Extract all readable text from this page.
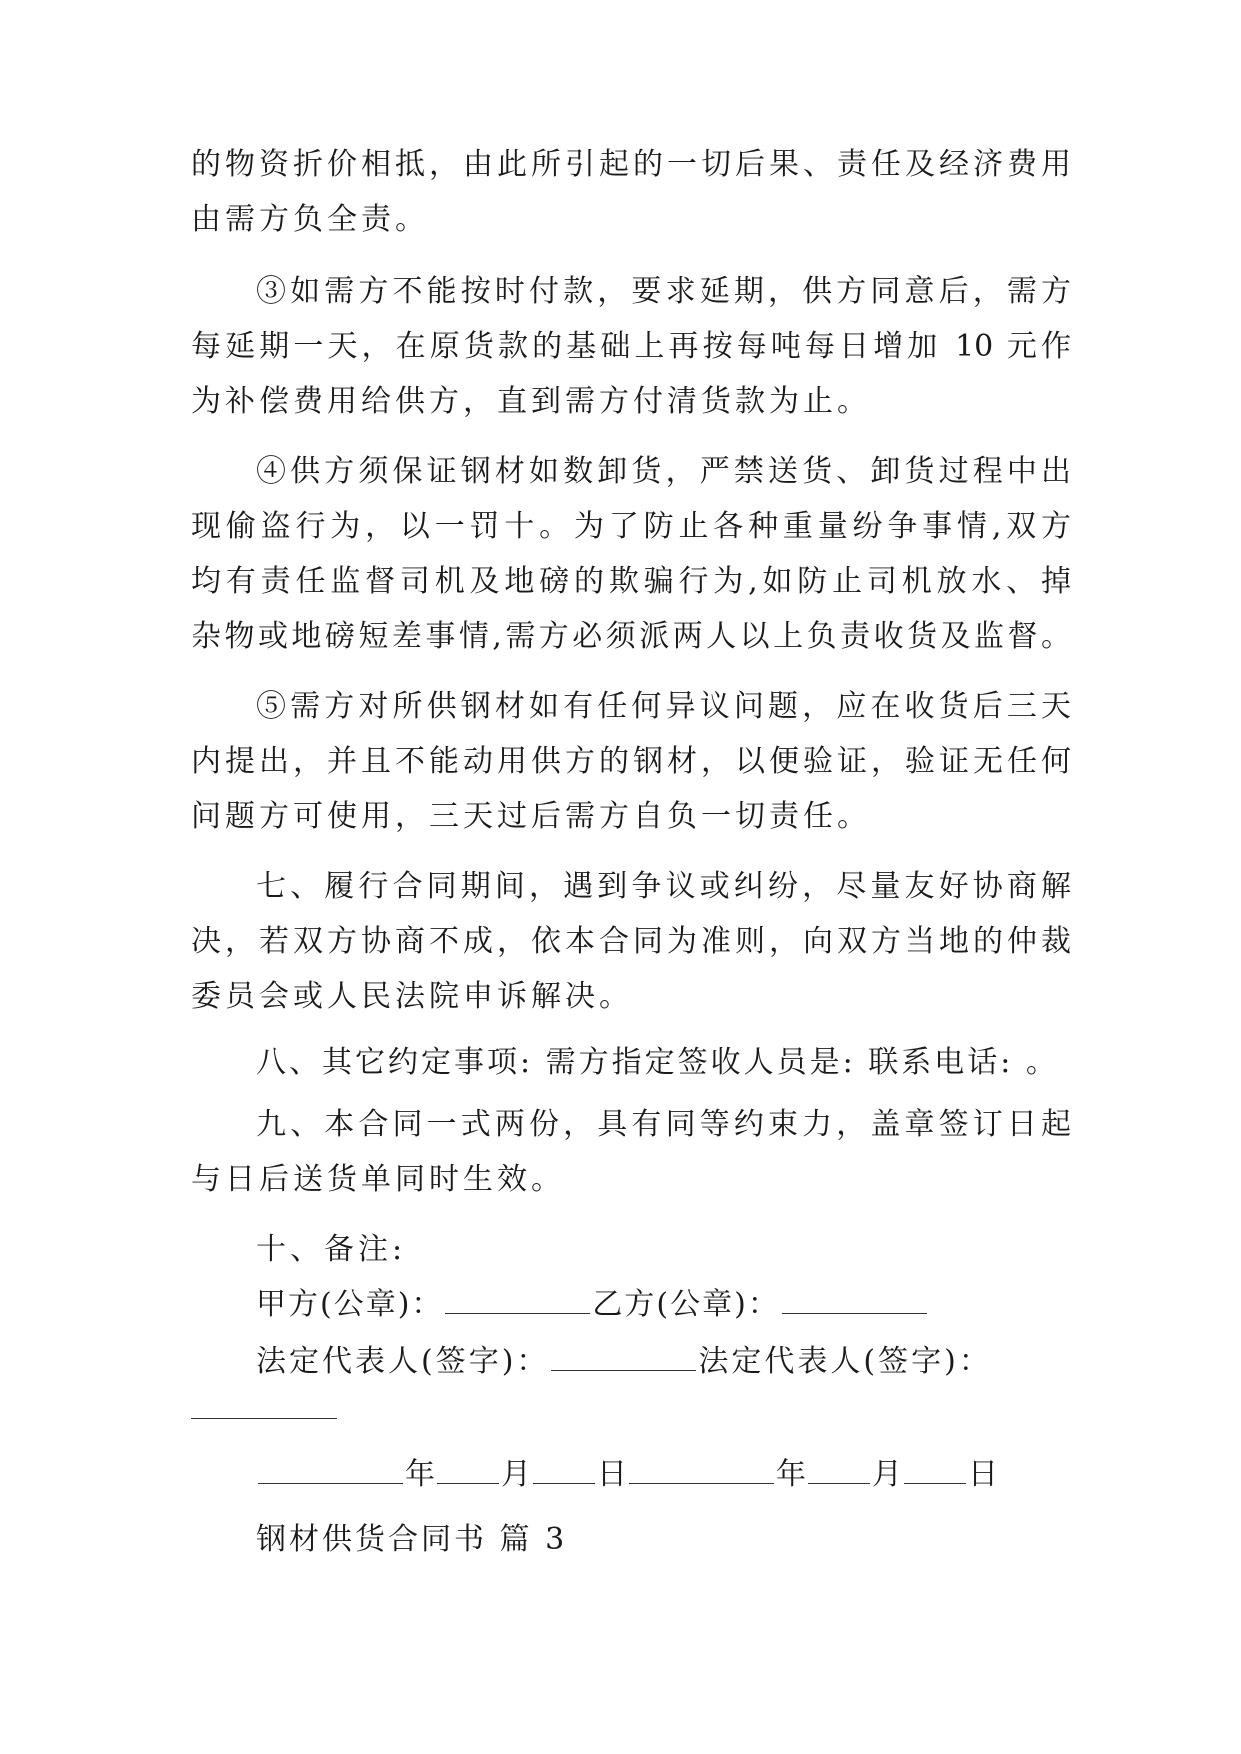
的物资折价相抵，由此所引起的一切后果、责任及经济费用

由需方负全责。

③如需方不能按时付款，要求延期，供方同意后，需方

每延期一天，在原货款的基础上再按每吨每日增加 10 元作

为补偿费用给供方，直到需方付清货款为止。

④供方须保证钢材如数卸货，严禁送货、卸货过程中出

现偷盗行为，以一罚十。为了防止各种重量纷争事情,双方

均有责任监督司机及地磅的欺骗行为,如防止司机放水、掉

杂物或地磅短差事情,需方必须派两人以上负责收货及监督。

⑤需方对所供钢材如有任何异议问题，应在收货后三天

内提出，并且不能动用供方的钢材，以便验证，验证无任何

问题方可使用，三天过后需方自负一切责任。

七、履行合同期间，遇到争议或纠纷，尽量友好协商解

决，若双方协商不成，依本合同为准则，向双方当地的仲裁

委员会或人民法院申诉解决。

八、其它约定事项: 需方指定签收人员是: 联系电话: 。

九、本合同一式两份，具有同等约束力，盖章签订日起

与日后送货单同时生效。

十、备注:

甲方(公章)：	乙方(公章)：

法定代表人(签字)：	法定代表人(签字)：

年 月 日	年 月 日

钢材供货合同书 篇 3
